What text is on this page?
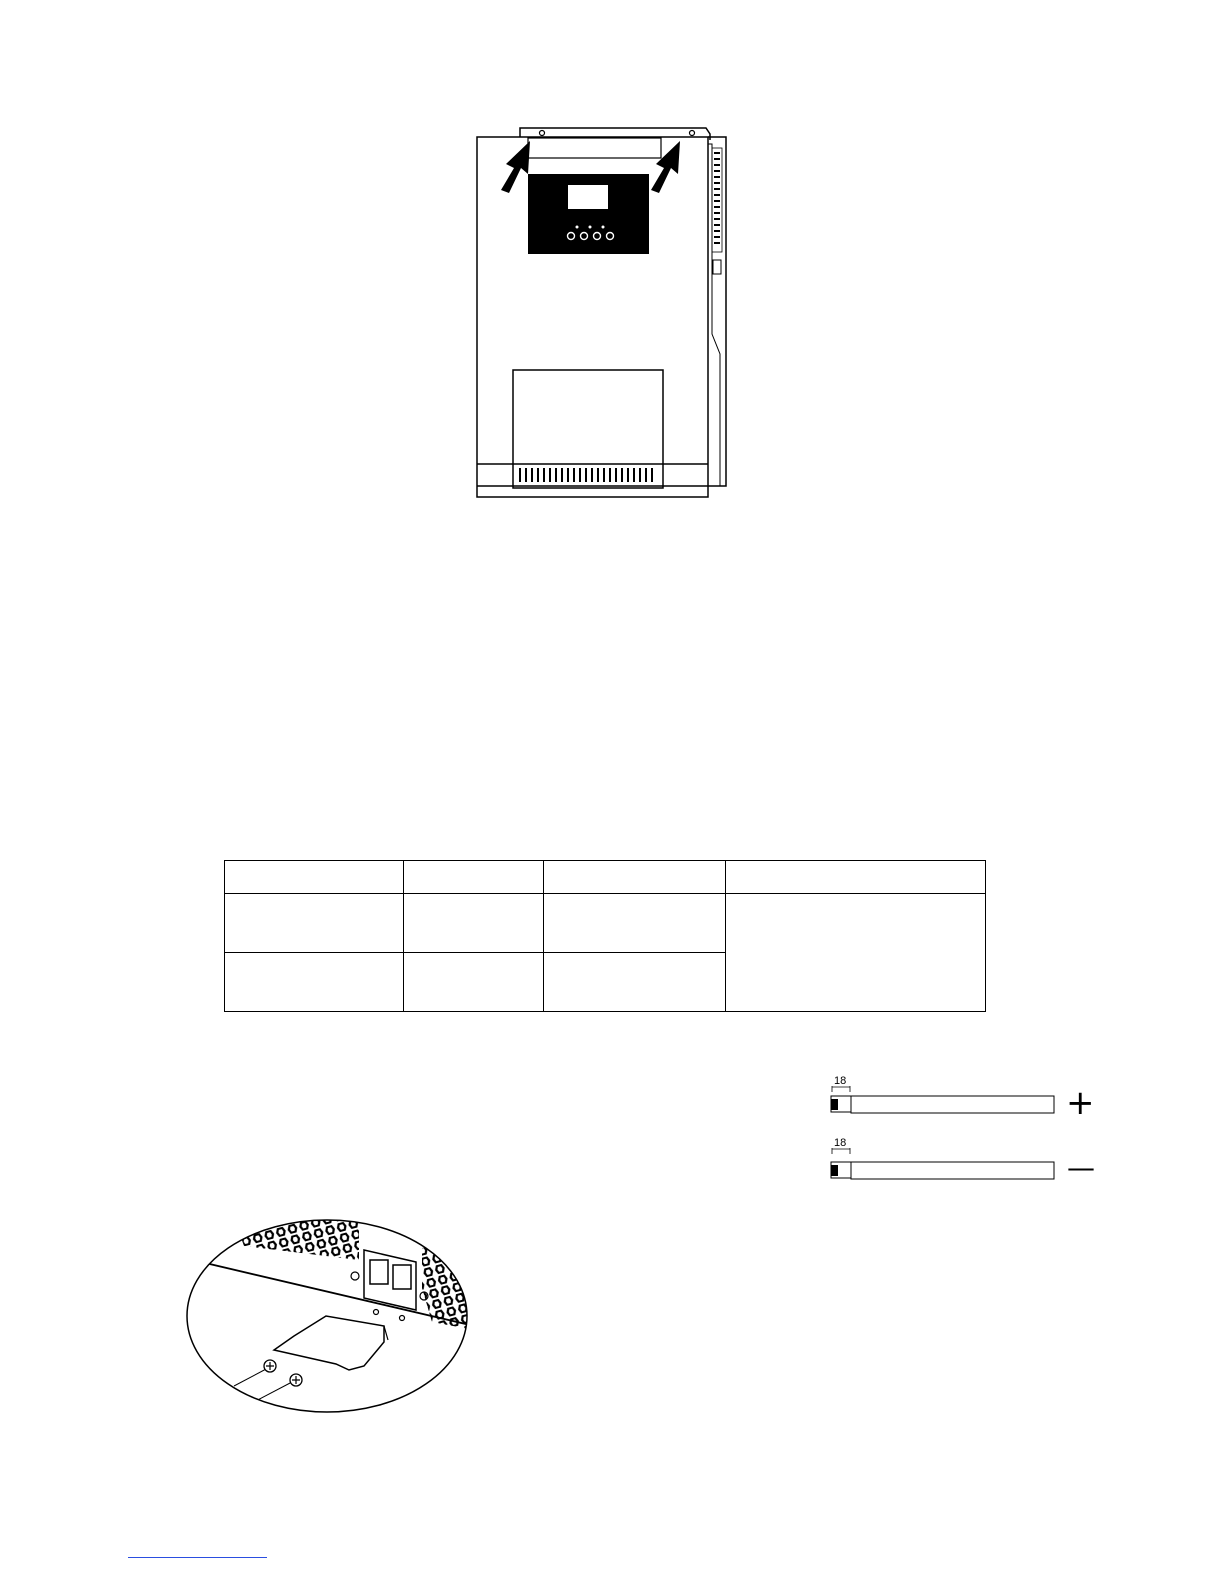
18
+
18
—
